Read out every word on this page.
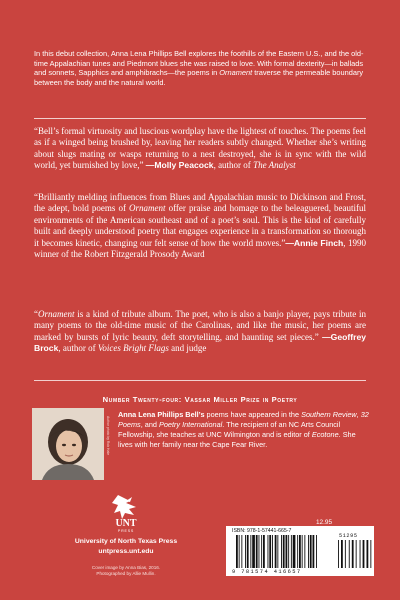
In this debut collection, Anna Lena Phillips Bell explores the foothills of the Eastern U.S., and the old-time Appalachian tunes and Piedmont blues she was raised to love. With formal dexterity—in ballads and sonnets, Sapphics and amphibrachs—the poems in Ornament traverse the permeable boundary between the body and the natural world.
“Bell’s formal virtuosity and luscious wordplay have the lightest of touches. The poems feel as if a winged being brushed by, leaving her readers subtly changed. Whether she’s writing about slugs mating or wasps returning to a nest destroyed, she is in sync with the wild world, yet burnished by love,” —Molly Peacock, author of The Analyst
“Brilliantly melding influences from Blues and Appalachian music to Dickinson and Frost, the adept, bold poems of Ornament offer praise and homage to the beleaguered, beautiful environments of the American southeast and of a poet’s soul. This is the kind of carefully built and deeply understood poetry that engages experience in a transformation so thorough it becomes kinetic, changing our felt sense of how the world moves.”—Annie Finch, 1990 winner of the Robert Fitzgerald Prosody Award
“Ornament is a kind of tribute album. The poet, who is also a banjo player, pays tribute in many poems to the old-time music of the Carolinas, and like the music, her poems are marked by bursts of lyric beauty, deft storytelling, and haunting set pieces.” —Geoffrey Brock, author of Voices Bright Flags and judge
Number Twenty-four: Vassar Miller Prize in Poetry
Author photo by Rob Hale
Anna Lena Phillips Bell’s poems have appeared in the Southern Review, 32 Poems, and Poetry International. The recipient of an NC Arts Council Fellowship, she teaches at UNC Wilmington and is editor of Ecotone. She lives with her family near the Cape Fear River.
UNT
PRESS
University of North Texas Press
untpress.unt.edu
Cover image by Anna Bias, 2016.
Photographed by Allie Mullin.
12.95
ISBN: 978-1-57441-665-7
51295
9 781574 416657
